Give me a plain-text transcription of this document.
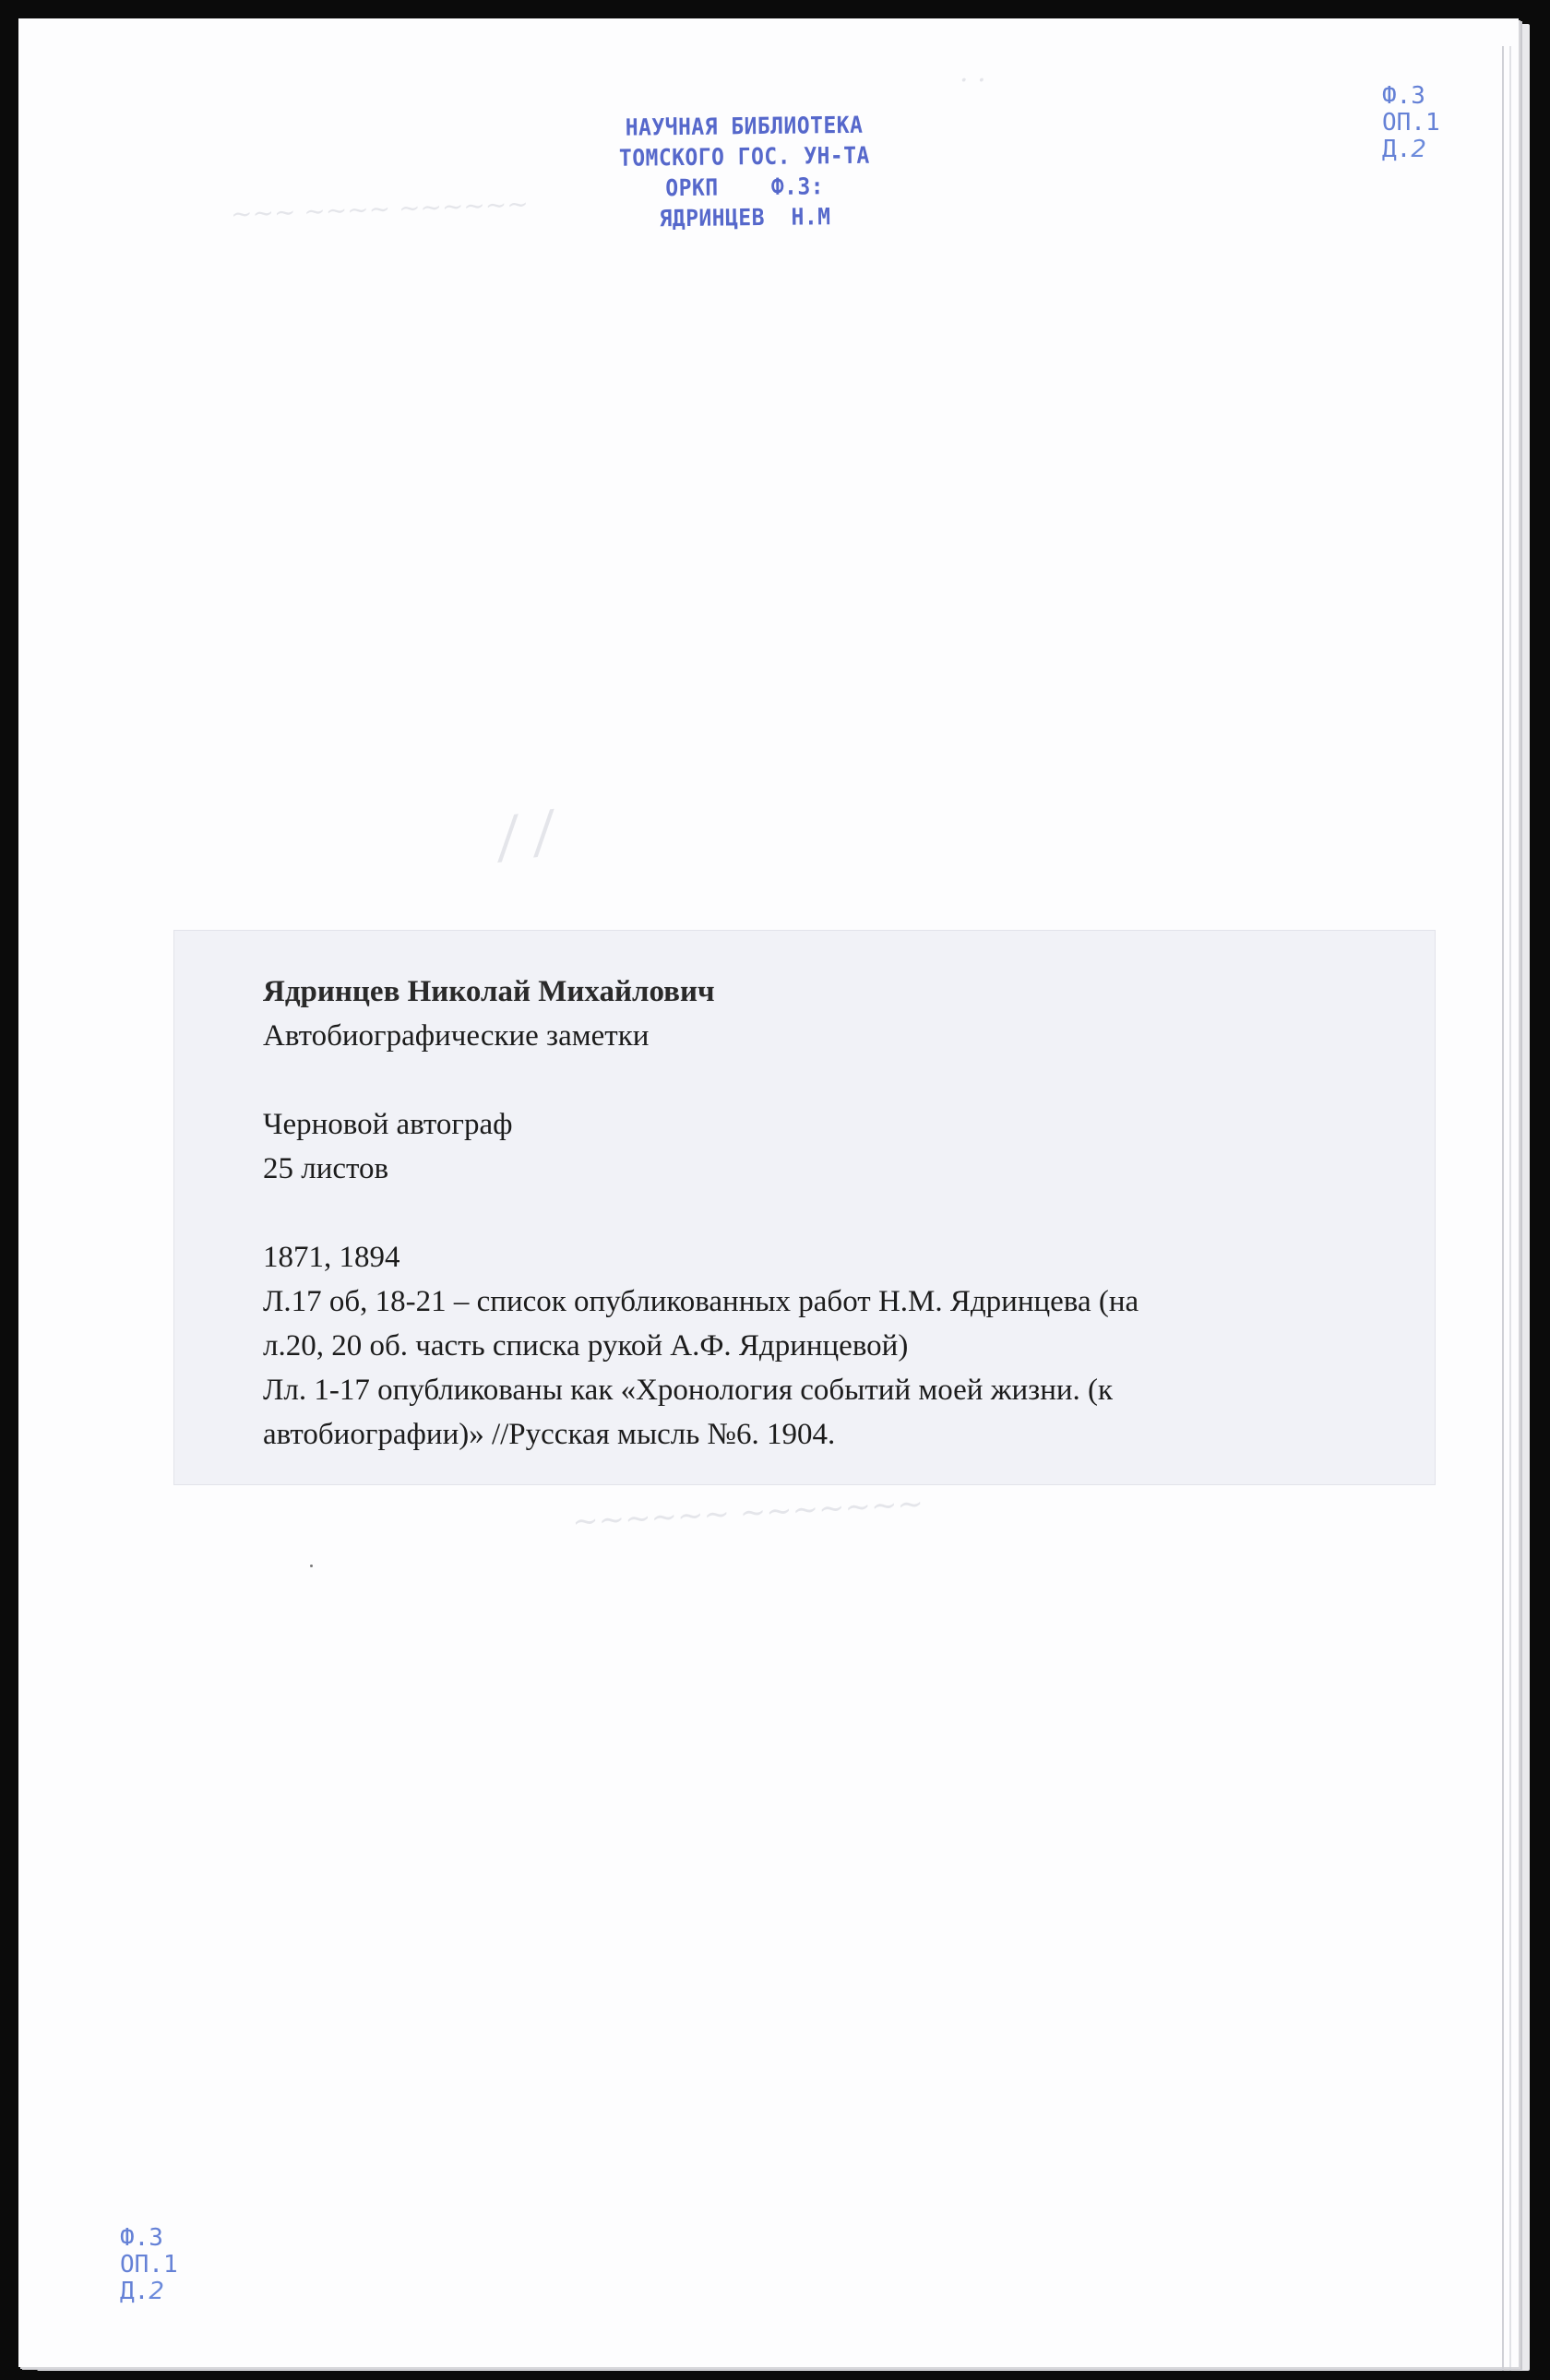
~~~ ~~~~ ~~~~~~
· ·
/ /
~~~~~~ ~~~~~~~
НАУЧНАЯ БИБЛИОТЕКА
ТОМСКОГО ГОС. УН-ТА
ОРКП    Ф.3:
ЯДРИНЦЕВ  Н.М
Ф.3
ОП.1
Д.2

Ядринцев Николай Михайлович

Автобиографические заметки

Черновой автограф

25 листов

1871, 1894

Л.17 об, 18-21 – список опубликованных работ Н.М. Ядринцева (на

л.20, 20 об. часть списка рукой А.Ф. Ядринцевой)

Лл. 1-17 опубликованы как «Хронология событий моей жизни. (к

автобиографии)» //Русская мысль №6. 1904.

Ф.3
ОП.1
Д.2
